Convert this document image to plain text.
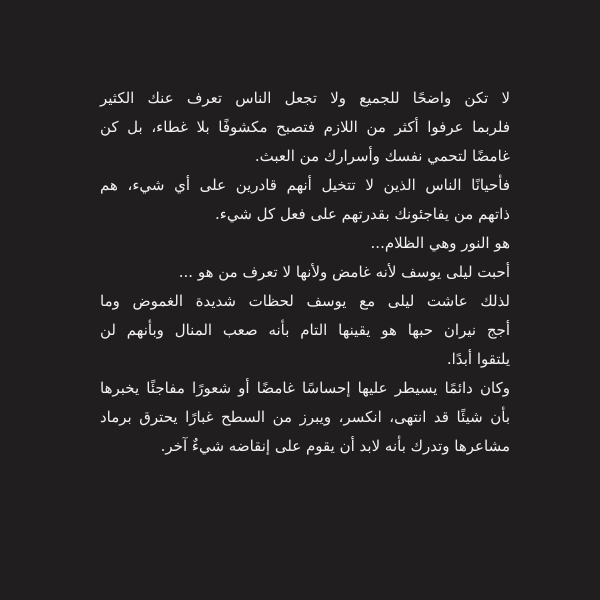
لا تكن واضحًا للجميع ولا تجعل الناس تعرف عنك الكثير
فلربما عرفوا أكثر من اللازم فتصبح مكشوفًا بلا غطاء، بل كن
غامضًا لتحمي نفسك وأسرارك من العبث.
فأحيانًا الناس الذين لا تتخيل أنهم قادرين على أي شيء، هم
ذاتهم من يفاجئونك بقدرتهم على فعل كل شيء.
هو النور وهي الظلام...
أحبت ليلى يوسف لأنه غامض ولأنها لا تعرف من هو ...
لذلك عاشت ليلى مع يوسف لحظات شديدة الغموض وما
أجج نيران حبها هو يقينها التام بأنه صعب المنال وبأنهم لن
يلتقوا أبدًا.
وكان دائمًا يسيطر عليها إحساسًا غامضًا أو شعورًا مفاجئًا يخبرها
بأن شيئًا قد انتهى، انكسر، ويبرز من السطح غبارًا يحترق برماد
مشاعرها وتدرك بأنه لابد أن يقوم على إنقاضه شيءٌ آخر.
